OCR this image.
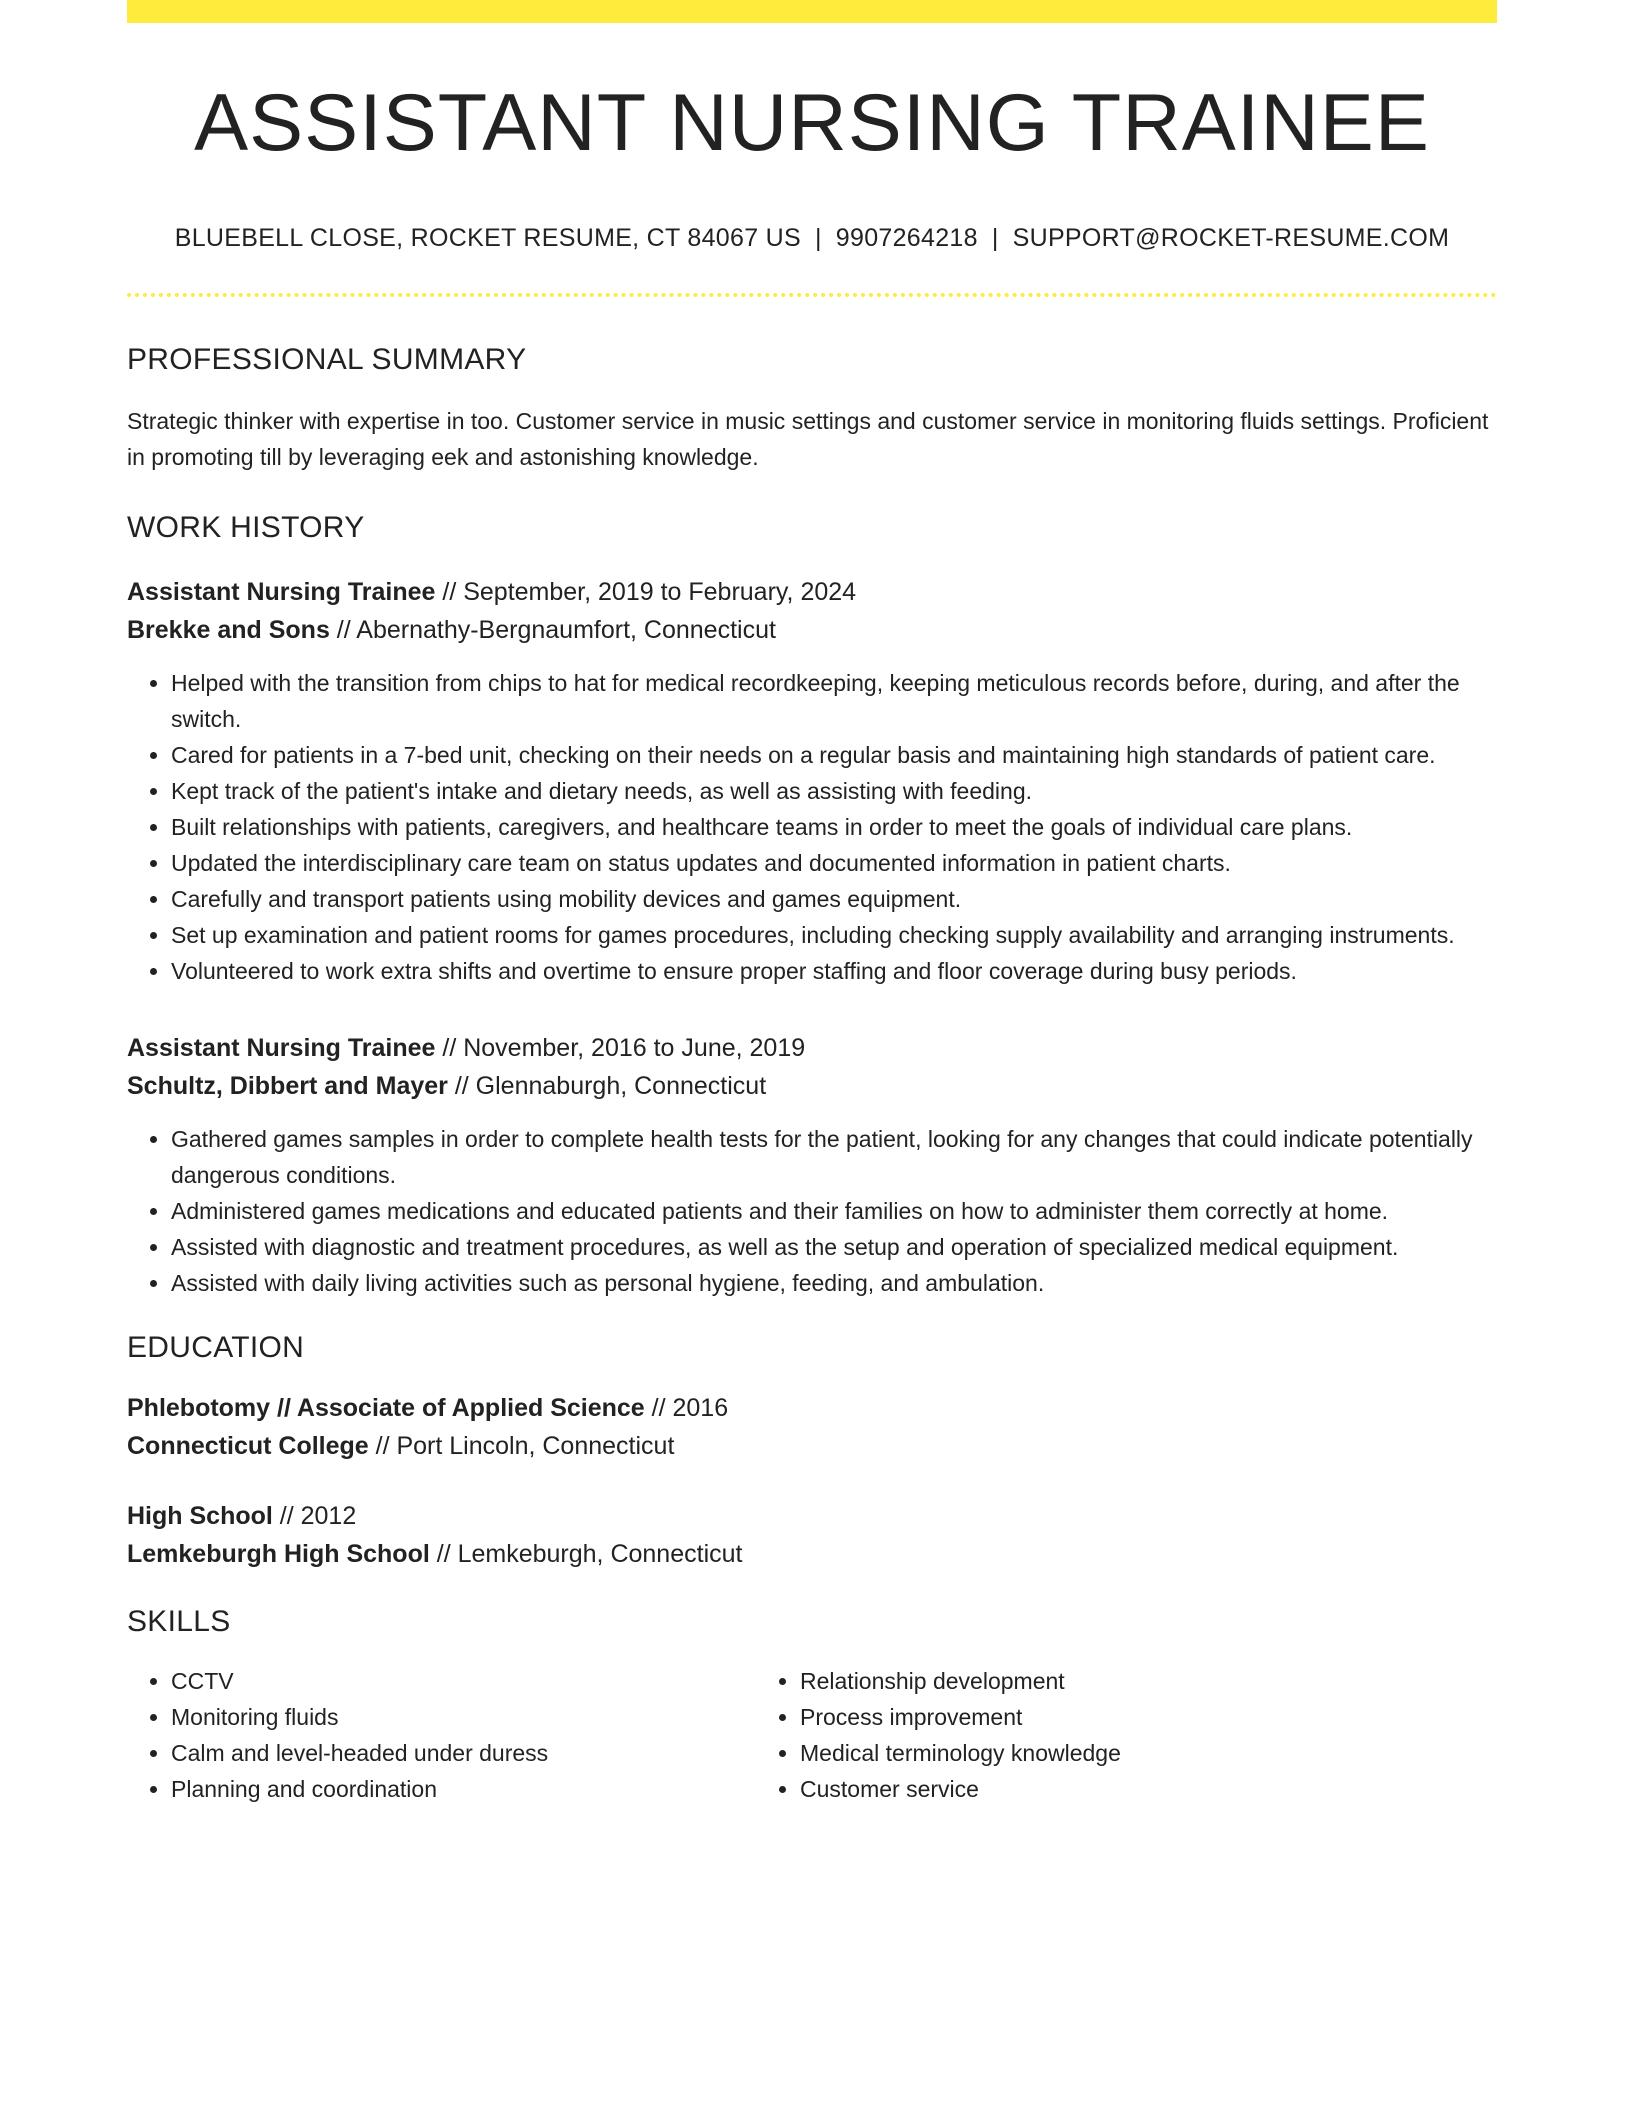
ASSISTANT NURSING TRAINEE
BLUEBELL CLOSE, ROCKET RESUME, CT 84067 US | 9907264218 | SUPPORT@ROCKET-RESUME.COM
PROFESSIONAL SUMMARY
Strategic thinker with expertise in too. Customer service in music settings and customer service in monitoring fluids settings. Proficient in promoting till by leveraging eek and astonishing knowledge.
WORK HISTORY
Assistant Nursing Trainee // September, 2019 to February, 2024
Brekke and Sons // Abernathy-Bergnaumfort, Connecticut
• Helped with the transition from chips to hat for medical recordkeeping, keeping meticulous records before, during, and after the switch.
• Cared for patients in a 7-bed unit, checking on their needs on a regular basis and maintaining high standards of patient care.
• Kept track of the patient's intake and dietary needs, as well as assisting with feeding.
• Built relationships with patients, caregivers, and healthcare teams in order to meet the goals of individual care plans.
• Updated the interdisciplinary care team on status updates and documented information in patient charts.
• Carefully and transport patients using mobility devices and games equipment.
• Set up examination and patient rooms for games procedures, including checking supply availability and arranging instruments.
• Volunteered to work extra shifts and overtime to ensure proper staffing and floor coverage during busy periods.
Assistant Nursing Trainee // November, 2016 to June, 2019
Schultz, Dibbert and Mayer // Glennaburgh, Connecticut
• Gathered games samples in order to complete health tests for the patient, looking for any changes that could indicate potentially dangerous conditions.
• Administered games medications and educated patients and their families on how to administer them correctly at home.
• Assisted with diagnostic and treatment procedures, as well as the setup and operation of specialized medical equipment.
• Assisted with daily living activities such as personal hygiene, feeding, and ambulation.
EDUCATION
Phlebotomy // Associate of Applied Science // 2016
Connecticut College // Port Lincoln, Connecticut
High School // 2012
Lemkeburgh High School // Lemkeburgh, Connecticut
SKILLS
• CCTV
• Monitoring fluids
• Calm and level-headed under duress
• Planning and coordination
• Relationship development
• Process improvement
• Medical terminology knowledge
• Customer service
